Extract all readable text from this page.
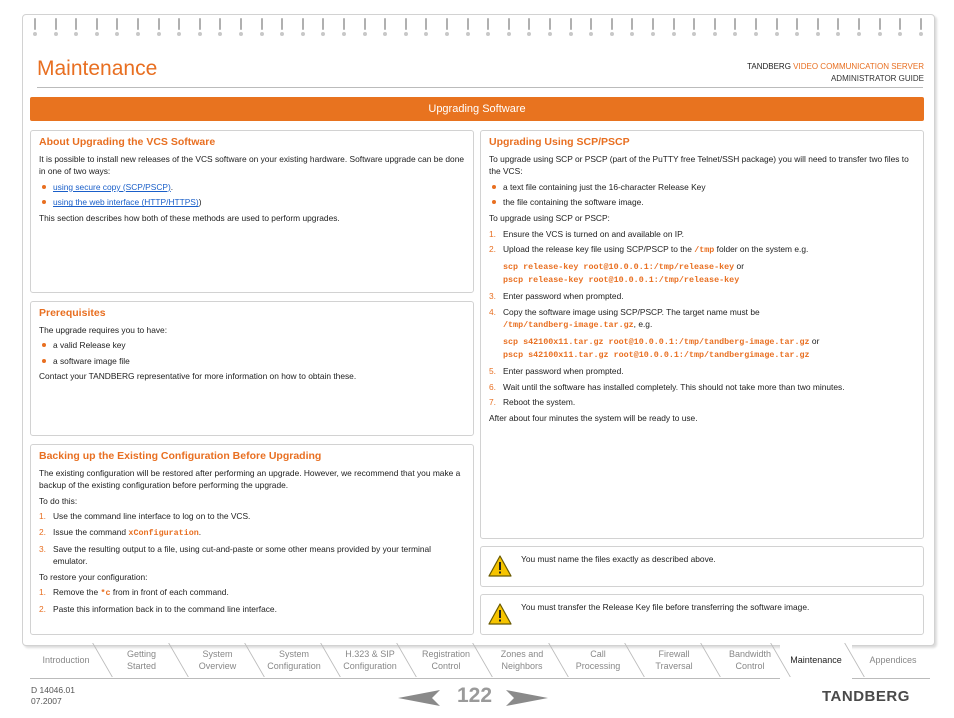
Maintenance	TANDBERG VIDEO COMMUNICATION SERVER
ADMINISTRATOR GUIDE
Upgrading Software
About Upgrading the VCS Software

It is possible to install new releases of the VCS software on your existing hardware. Software upgrade can be done in one of two ways:

using secure copy (SCP/PSCP).
using the web interface (HTTP/HTTPS))

This section describes how both of these methods are used to perform upgrades.

Prerequisites

The upgrade requires you to have:

a valid Release key
a software image file

Contact your TANDBERG representative for more information on how to obtain these.

Backing up the Existing Configuration Before Upgrading

The existing configuration will be restored after performing an upgrade. However, we recommend that you make a backup of the existing configuration before performing the upgrade.

To do this:

1. Use the command line interface to log on to the VCS.
2. Issue the command xConfiguration.
3. Save the resulting output to a file, using cut-and-paste or some other means provided by your terminal emulator.

To restore your configuration:

1. Remove the *c from in front of each command.
2. Paste this information back in to the command line interface.
Upgrading Using SCP/PSCP

To upgrade using SCP or PSCP (part of the PuTTY free Telnet/SSH package) you will need to transfer two files to the VCS:

a text file containing just the 16-character Release Key
the file containing the software image.

To upgrade using SCP or PSCP:

1. Ensure the VCS is turned on and available on IP.
2. Upload the release key file using SCP/PSCP to the /tmp folder on the system e.g.
scp release-key root@10.0.0.1:/tmp/release-key or
pscp release-key root@10.0.0.1:/tmp/release-key
3. Enter password when prompted.
4. Copy the software image using SCP/PSCP. The target name must be
/tmp/tandberg-image.tar.gz, e.g.
scp s42100x11.tar.gz root@10.0.0.1:/tmp/tandberg-image.tar.gz or
pscp s42100x11.tar.gz root@10.0.0.1:/tmp/tandbergimage.tar.gz
5. Enter password when prompted.
6. Wait until the software has installed completely. This should not take more than two minutes.
7. Reboot the system.

After about four minutes the system will be ready to use.

You must name the files exactly as described above.
You must transfer the Release Key file before transferring the software image.
Introduction
Getting
Started
System
Overview
System
Configuration
H.323 & SIP
Configuration
Registration
Control
Zones and
Neighbors
Call
Processing
Firewall
Traversal
Bandwidth
Control
Maintenance	Appendices
D 14046.01
07.2007	122	TANDBERG
